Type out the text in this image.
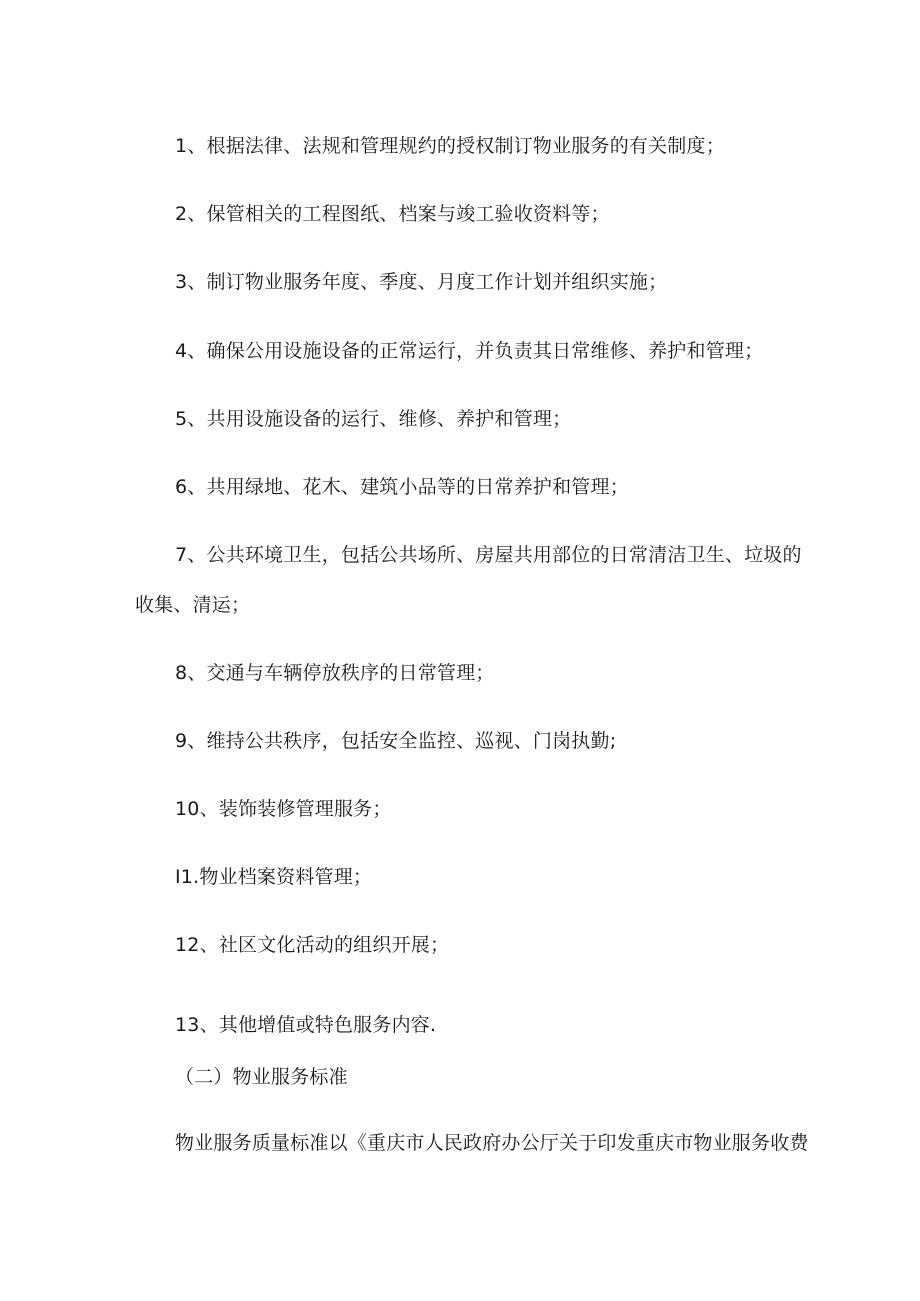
1、根据法律、法规和管理规约的授权制订物业服务的有关制度；
2、保管相关的工程图纸、档案与竣工验收资料等；
3、制订物业服务年度、季度、月度工作计划并组织实施；
4、确保公用设施设备的正常运行，并负责其日常维修、养护和管理；
5、共用设施设备的运行、维修、养护和管理；
6、共用绿地、花木、建筑小品等的日常养护和管理；
7、公共环境卫生，包括公共场所、房屋共用部位的日常清洁卫生、垃圾的
收集、清运；
8、交通与车辆停放秩序的日常管理；
9、维持公共秩序，包括安全监控、巡视、门岗执勤;
10、装饰装修管理服务；
I1.物业档案资料管理；
12、社区文化活动的组织开展；
13、其他增值或特色服务内容.
（二）物业服务标准
物业服务质量标准以《重庆市人民政府办公厅关于印发重庆市物业服务收费
